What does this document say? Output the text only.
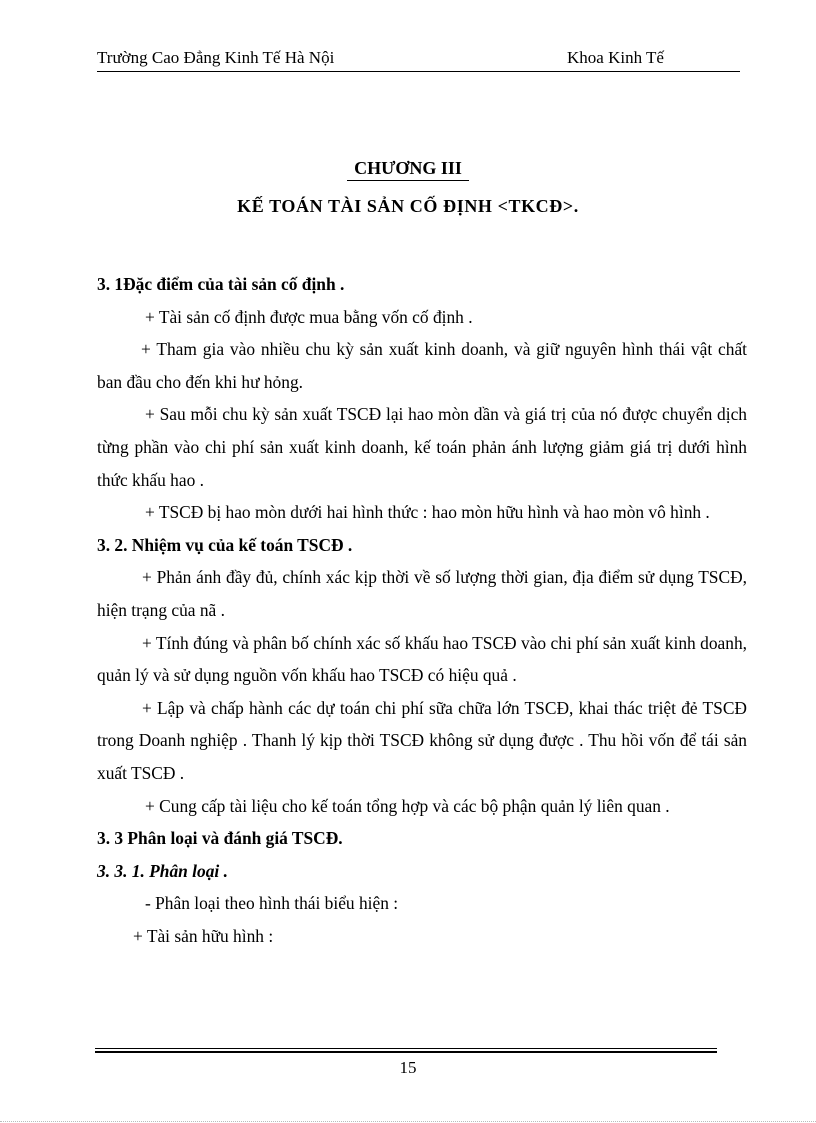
Trường Cao Đẳng Kinh Tế Hà Nội	Khoa Kinh Tế
CHƯƠNG III
KẾ TOÁN TÀI SẢN CỐ ĐỊNH <TKCĐ>.

3. 1Đặc điểm của tài sản cố định .

+ Tài sản cố định được mua bằng vốn cố định .

+ Tham gia vào nhiều chu kỳ sản xuất kinh doanh, và giữ nguyên hình thái vật chất ban đầu cho đến khi hư hỏng.

+ Sau mỗi chu kỳ sản xuất TSCĐ lại hao mòn dần và giá trị của nó được chuyển dịch từng phần vào chi phí sản xuất kinh doanh, kế toán phản ánh lượng giảm giá trị dưới hình thức khấu hao .

+ TSCĐ bị hao mòn dưới hai hình thức : hao mòn hữu hình và hao mòn vô hình .

3. 2. Nhiệm vụ của kế toán TSCĐ .

+ Phản ánh đầy đủ, chính xác kịp thời về số lượng thời gian, địa điểm sử dụng TSCĐ, hiện trạng của nã .

+ Tính đúng và phân bố chính xác số khấu hao TSCĐ vào chi phí sản xuất kinh doanh, quản lý và sử dụng nguồn vốn khấu hao TSCĐ có hiệu quả .

+ Lập và chấp hành các dự toán chi phí sữa chữa lớn TSCĐ, khai thác triệt đẻ TSCĐ trong Doanh nghiệp . Thanh lý kịp thời TSCĐ không sử dụng được . Thu hồi vốn để tái sản xuất TSCĐ .

+ Cung cấp tài liệu cho kế toán tổng hợp và các bộ phận quản lý liên quan .

3. 3 Phân loại và đánh giá TSCĐ.

3. 3. 1. Phân loại .

- Phân loại theo hình thái biểu hiện :

+ Tài sản hữu hình :

15
